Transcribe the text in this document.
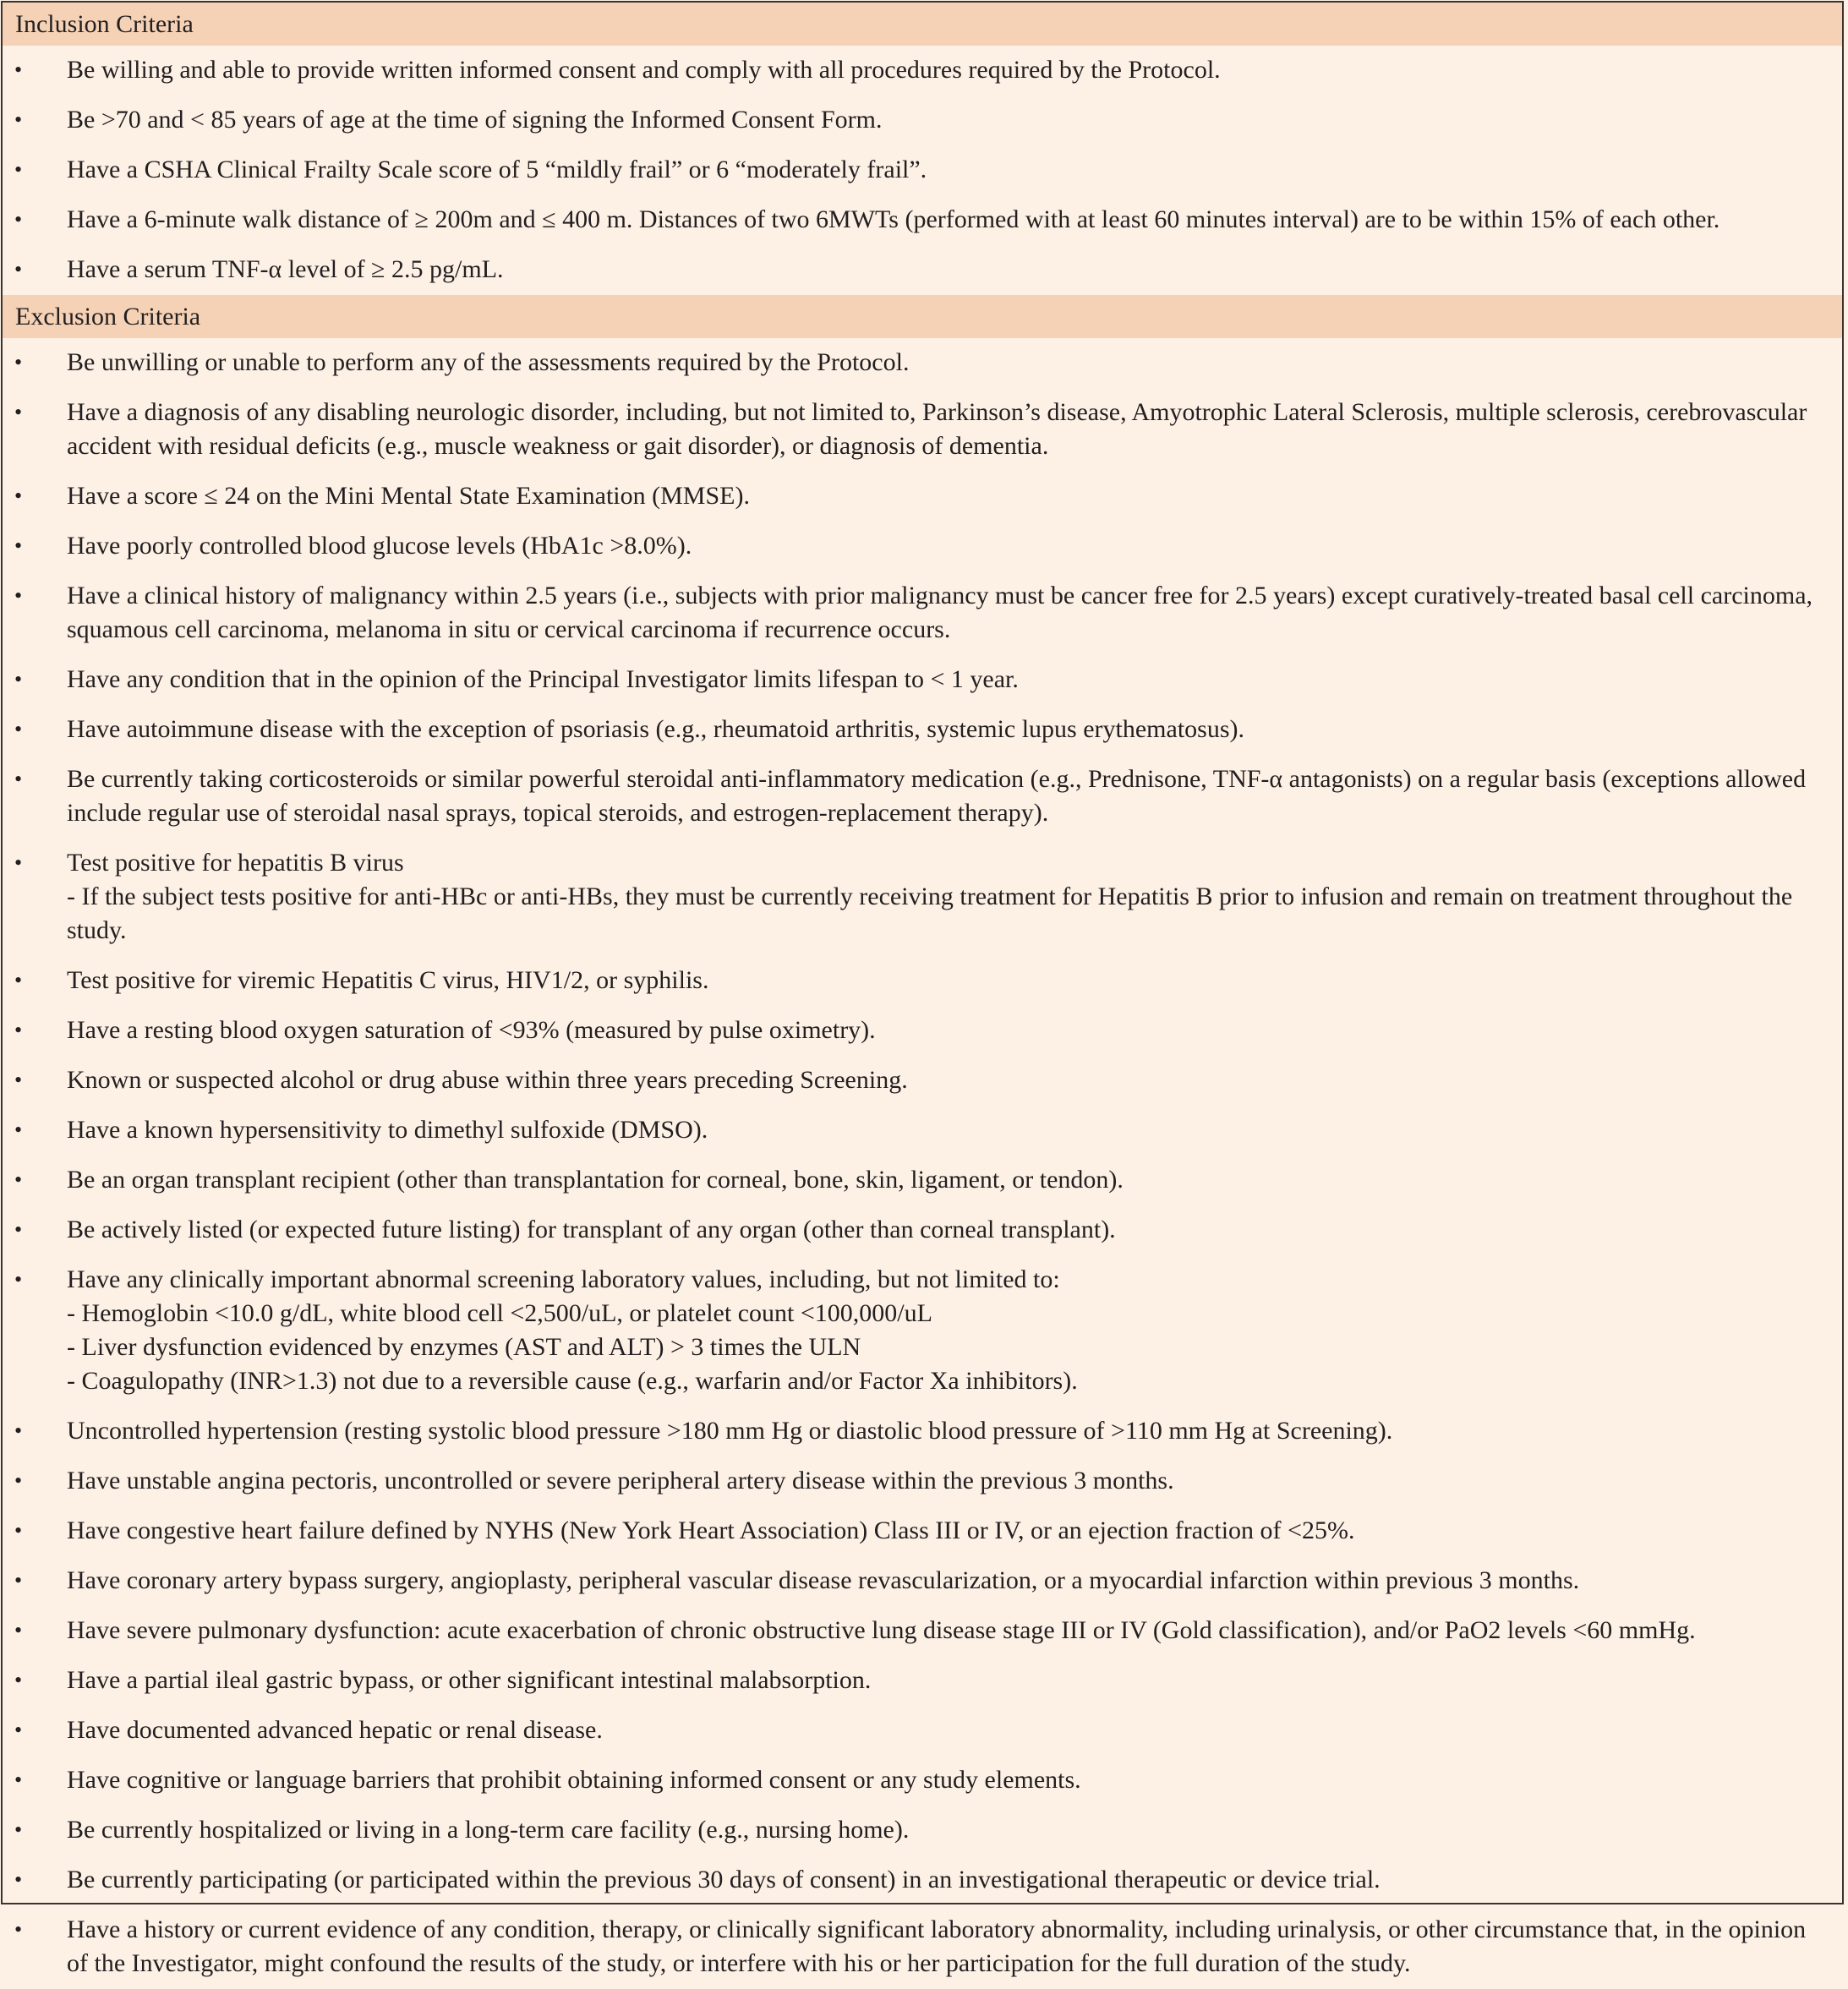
Inclusion Criteria
• Be willing and able to provide written informed consent and comply with all procedures required by the Protocol.
• Be >70 and < 85 years of age at the time of signing the Informed Consent Form.
• Have a CSHA Clinical Frailty Scale score of 5 “mildly frail” or 6 “moderately frail”.
• Have a 6-minute walk distance of ≥ 200m and ≤ 400 m. Distances of two 6MWTs (performed with at least 60 minutes interval) are to be within 15% of each other.
• Have a serum TNF-α level of ≥ 2.5 pg/mL.
Exclusion Criteria
• Be unwilling or unable to perform any of the assessments required by the Protocol.
• Have a diagnosis of any disabling neurologic disorder, including, but not limited to, Parkinson’s disease, Amyotrophic Lateral Sclerosis, multiple sclerosis, cerebrovascular accident with residual deficits (e.g., muscle weakness or gait disorder), or diagnosis of dementia.
• Have a score ≤ 24 on the Mini Mental State Examination (MMSE).
• Have poorly controlled blood glucose levels (HbA1c >8.0%).
• Have a clinical history of malignancy within 2.5 years (i.e., subjects with prior malignancy must be cancer free for 2.5 years) except curatively-treated basal cell carcinoma, squamous cell carcinoma, melanoma in situ or cervical carcinoma if recurrence occurs.
• Have any condition that in the opinion of the Principal Investigator limits lifespan to < 1 year.
• Have autoimmune disease with the exception of psoriasis (e.g., rheumatoid arthritis, systemic lupus erythematosus).
• Be currently taking corticosteroids or similar powerful steroidal anti-inflammatory medication (e.g., Prednisone, TNF-α antagonists) on a regular basis (exceptions allowed include regular use of steroidal nasal sprays, topical steroids, and estrogen-replacement therapy).
• Test positive for hepatitis B virus
- If the subject tests positive for anti-HBc or anti-HBs, they must be currently receiving treatment for Hepatitis B prior to infusion and remain on treatment throughout the study.
• Test positive for viremic Hepatitis C virus, HIV1/2, or syphilis.
• Have a resting blood oxygen saturation of <93% (measured by pulse oximetry).
• Known or suspected alcohol or drug abuse within three years preceding Screening.
• Have a known hypersensitivity to dimethyl sulfoxide (DMSO).
• Be an organ transplant recipient (other than transplantation for corneal, bone, skin, ligament, or tendon).
• Be actively listed (or expected future listing) for transplant of any organ (other than corneal transplant).
• Have any clinically important abnormal screening laboratory values, including, but not limited to:
- Hemoglobin <10.0 g/dL, white blood cell <2,500/uL, or platelet count <100,000/uL
- Liver dysfunction evidenced by enzymes (AST and ALT) > 3 times the ULN
- Coagulopathy (INR>1.3) not due to a reversible cause (e.g., warfarin and/or Factor Xa inhibitors).
• Uncontrolled hypertension (resting systolic blood pressure >180 mm Hg or diastolic blood pressure of >110 mm Hg at Screening).
• Have unstable angina pectoris, uncontrolled or severe peripheral artery disease within the previous 3 months.
• Have congestive heart failure defined by NYHS (New York Heart Association) Class III or IV, or an ejection fraction of <25%.
• Have coronary artery bypass surgery, angioplasty, peripheral vascular disease revascularization, or a myocardial infarction within previous 3 months.
• Have severe pulmonary dysfunction: acute exacerbation of chronic obstructive lung disease stage III or IV (Gold classification), and/or PaO2 levels <60 mmHg.
• Have a partial ileal gastric bypass, or other significant intestinal malabsorption.
• Have documented advanced hepatic or renal disease.
• Have cognitive or language barriers that prohibit obtaining informed consent or any study elements.
• Be currently hospitalized or living in a long-term care facility (e.g., nursing home).
• Be currently participating (or participated within the previous 30 days of consent) in an investigational therapeutic or device trial.
• Have a history or current evidence of any condition, therapy, or clinically significant laboratory abnormality, including urinalysis, or other circumstance that, in the opinion of the Investigator, might confound the results of the study, or interfere with his or her participation for the full duration of the study.
